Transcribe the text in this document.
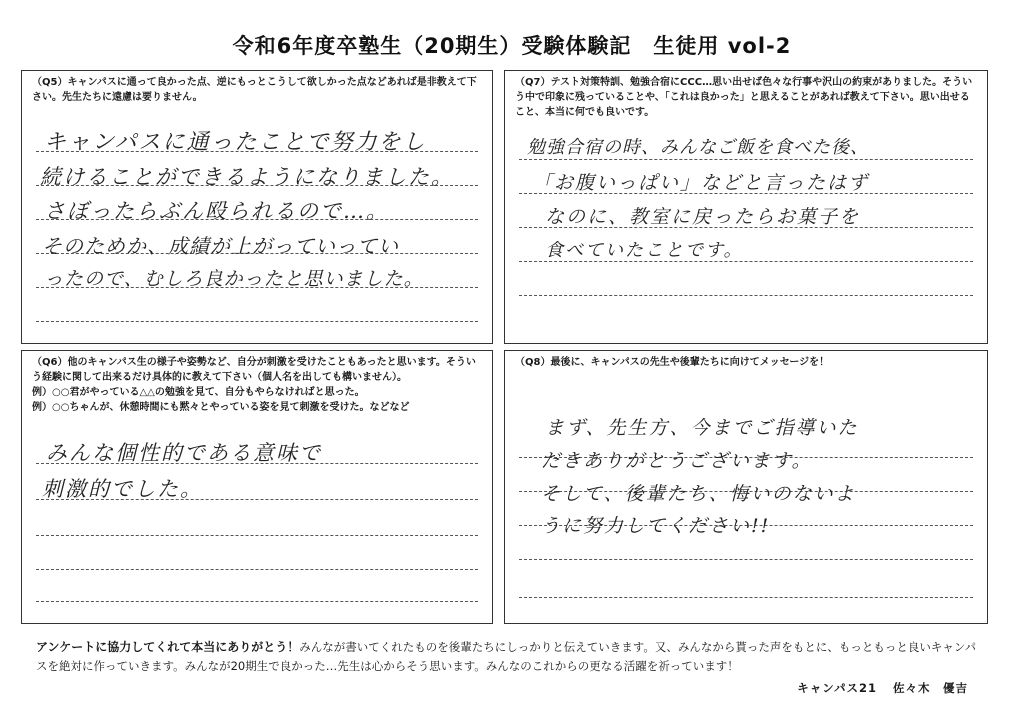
令和6年度卒塾生（20期生）受験体験記　生徒用 vol-2
（Q5）キャンパスに通って良かった点、逆にもっとこうして欲しかった点などあれば是非教えて下さい。先生たちに遠慮は要りません。
キャンパスに通ったことで努力をし
続けることができるようになりました。
さぼったらぶん殴られるので…。
そのためか、成績が上がっていってい
ったので、むしろ良かったと思いました。
（Q7）テスト対策特訓、勉強合宿にCCC…思い出せば色々な行事や沢山の約束がありました。そういう中で印象に残っていることや、「これは良かった」と思えることがあれば教えて下さい。思い出せること、本当に何でも良いです。
勉強合宿の時、みんなご飯を食べた後、
「お腹いっぱい」などと言ったはず
なのに、教室に戻ったらお菓子を
食べていたことです。
（Q6）他のキャンパス生の様子や姿勢など、自分が刺激を受けたこともあったと思います。そういう経験に関して出来るだけ具体的に教えて下さい（個人名を出しても構いません）。
例）○○君がやっている△△の勉強を見て、自分もやらなければと思った。
例）○○ちゃんが、休憩時間にも黙々とやっている姿を見て刺激を受けた。などなど
みんな個性的である意味で
刺激的でした。
（Q8）最後に、キャンパスの先生や後輩たちに向けてメッセージを！
まず、先生方、今までご指導いた
だきありがとうございます。
そして、後輩たち、悔いのないよ
うに努力してください!!
アンケートに協力してくれて本当にありがとう！みんなが書いてくれたものを後輩たちにしっかりと伝えていきます。又、みんなから貰った声をもとに、もっともっと良いキャンパスを絶対に作っていきます。みんなが20期生で良かった…先生は心からそう思います。みんなのこれからの更なる活躍を祈っています！
キャンパス21 佐々木　優吉
